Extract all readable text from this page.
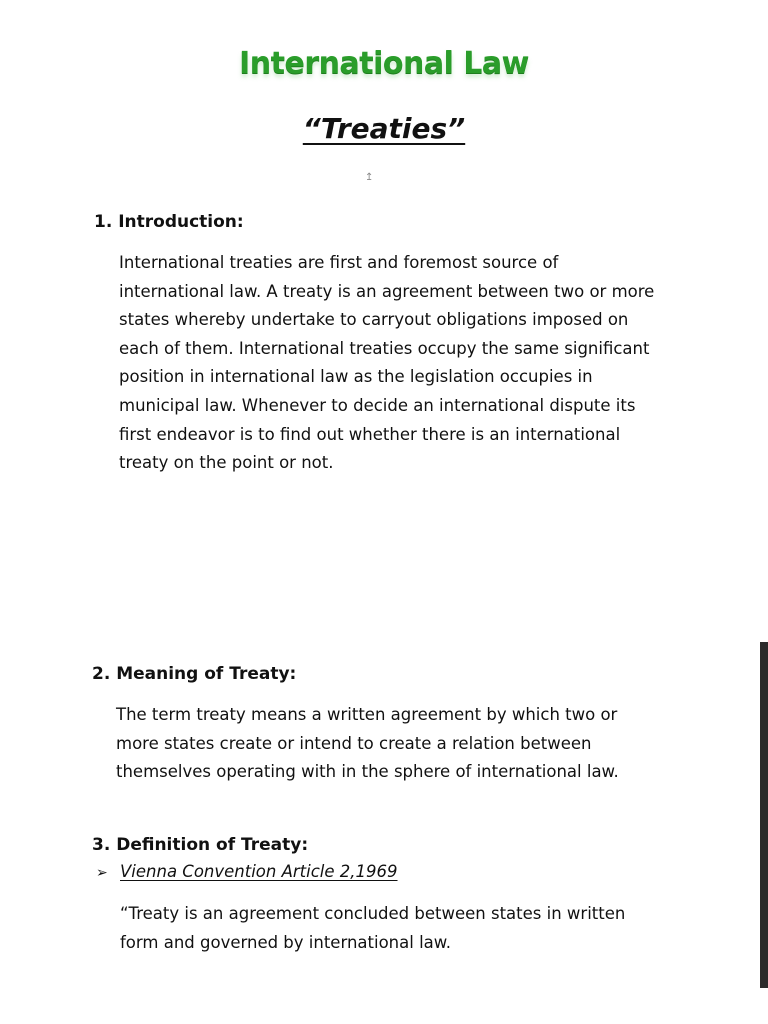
International Law
“Treaties”
↥
1. Introduction:
International treaties are first and foremost source of
international law. A treaty is an agreement between two or more
states whereby undertake to carryout obligations imposed on
each of them. International treaties occupy the same significant
position in international law as the legislation occupies in
municipal law. Whenever to decide an international dispute its
first endeavor is to find out whether there is an international
treaty on the point or not.
2. Meaning of Treaty:
The term treaty means a written agreement by which two or
more states create or intend to create a relation between
themselves operating with in the sphere of international law.
3. Definition of Treaty:
➢ Vienna Convention Article 2,1969
“Treaty is an agreement concluded between states in written
form and governed by international law.
